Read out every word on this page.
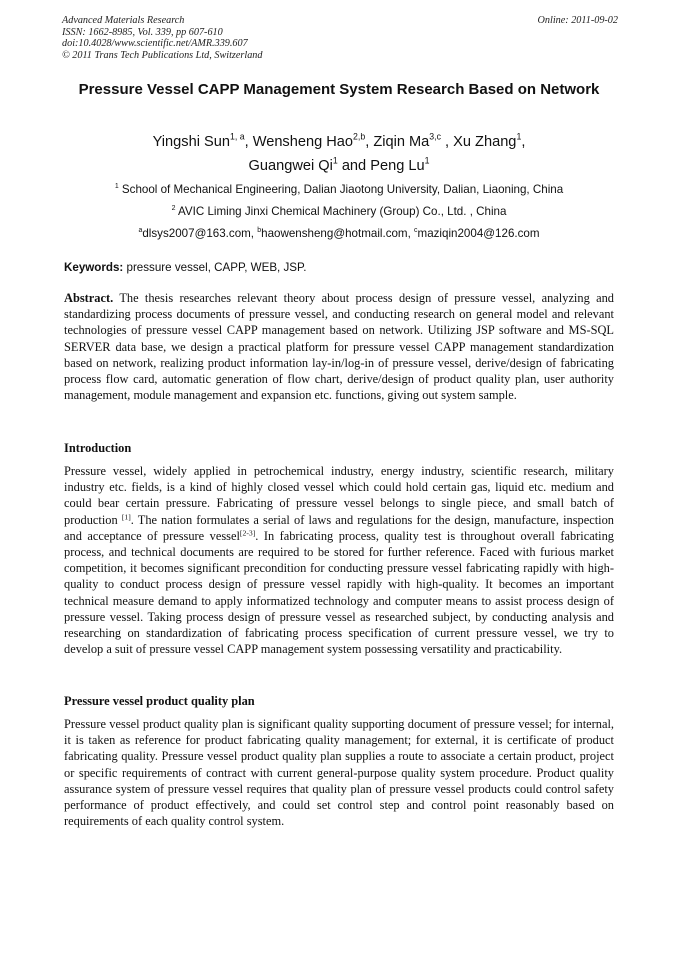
Advanced Materials Research
ISSN: 1662-8985, Vol. 339, pp 607-610
doi:10.4028/www.scientific.net/AMR.339.607
© 2011 Trans Tech Publications Ltd, Switzerland
Online: 2011-09-02
Pressure Vessel CAPP Management System Research Based on Network
Yingshi Sun$^{1, a}$, Wensheng Hao$^{2,b}$, Ziqin Ma$^{3,c}$ , Xu Zhang$^1$,
Guangwei Qi$^1$ and Peng Lu$^1$
$^1$ School of Mechanical Engineering, Dalian Jiaotong University, Dalian, Liaoning, China
$^2$ AVIC Liming Jinxi Chemical Machinery (Group) Co., Ltd. , China
$^a$dlsys2007@163.com, $^b$haowensheng@hotmail.com, $^c$maziqin2004@126.com
Keywords: pressure vessel, CAPP, WEB, JSP.
Abstract. The thesis researches relevant theory about process design of pressure vessel, analyzing and standardizing process documents of pressure vessel, and conducting research on general model and relevant technologies of pressure vessel CAPP management based on network. Utilizing JSP software and MS-SQL SERVER data base, we design a practical platform for pressure vessel CAPP management standardization based on network, realizing product information lay-in/log-in of pressure vessel, derive/design of fabricating process flow card, automatic generation of flow chart, derive/design of product quality plan, user authority management, module management and expansion etc. functions, giving out system sample.
Introduction
Pressure vessel, widely applied in petrochemical industry, energy industry, scientific research, military industry etc. fields, is a kind of highly closed vessel which could hold certain gas, liquid etc. medium and could bear certain pressure. Fabricating of pressure vessel belongs to single piece, and small batch of production [1]. The nation formulates a serial of laws and regulations for the design, manufacture, inspection and acceptance of pressure vessel[2-3]. In fabricating process, quality test is throughout overall fabricating process, and technical documents are required to be stored for further reference. Faced with furious market competition, it becomes significant precondition for conducting pressure vessel fabricating rapidly with high-quality to conduct process design of pressure vessel rapidly with high-quality. It becomes an important technical measure demand to apply informatized technology and computer means to assist process design of pressure vessel. Taking process design of pressure vessel as researched subject, by conducting analysis and researching on standardization of fabricating process specification of current pressure vessel, we try to develop a suit of pressure vessel CAPP management system possessing versatility and practicability.
Pressure vessel product quality plan
Pressure vessel product quality plan is significant quality supporting document of pressure vessel; for internal, it is taken as reference for product fabricating quality management; for external, it is certificate of product fabricating quality. Pressure vessel product quality plan supplies a route to associate a certain product, project or specific requirements of contract with current general-purpose quality system procedure. Product quality assurance system of pressure vessel requires that quality plan of pressure vessel products could control safety performance of product effectively, and could set control step and control point reasonably based on requirements of each quality control system.
